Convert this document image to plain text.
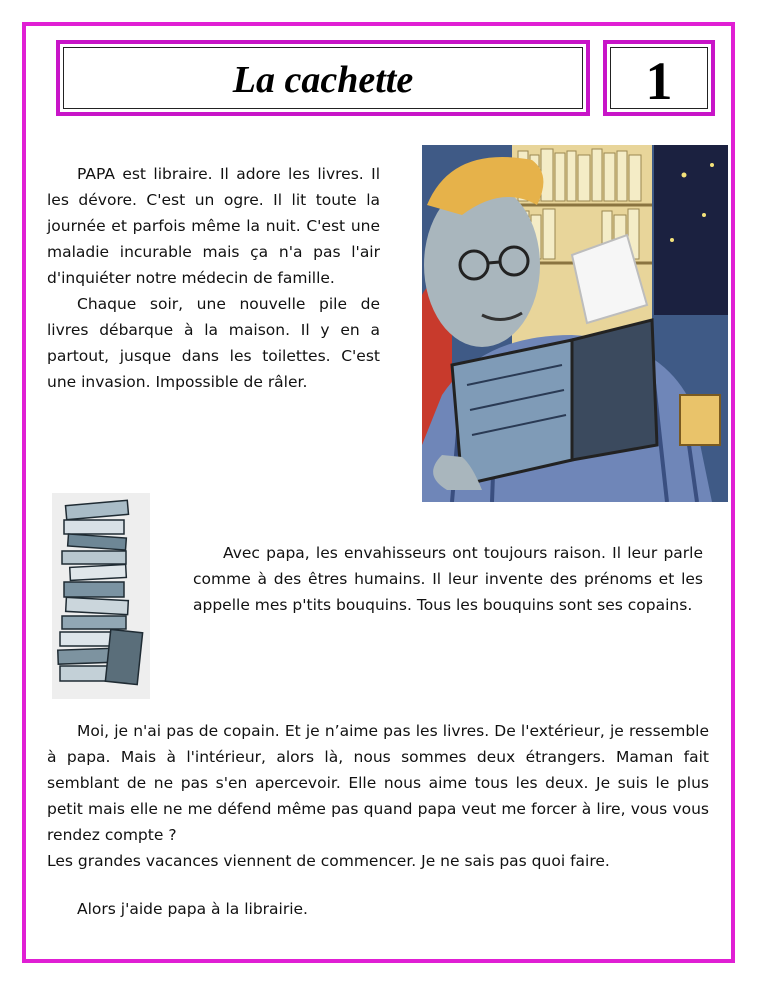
La cachette	1

PAPA est libraire. Il adore les livres. Il les dévore. C'est un ogre. Il lit toute la journée et parfois même la nuit. C'est une maladie incurable mais ça n'a pas l'air d'inquiéter notre médecin de famille.

Chaque soir, une nouvelle pile de livres débarque à la maison. Il y en a partout, jusque dans les toilettes. C'est une invasion. Impossible de râler.

Avec papa, les envahisseurs ont toujours raison. Il leur parle comme à des êtres humains. Il leur invente des prénoms et les appelle mes p'tits bouquins. Tous les bouquins sont ses copains.

Moi, je n'ai pas de copain. Et je n’aime pas les livres. De l'extérieur, je ressemble à papa. Mais à l'intérieur, alors là, nous sommes deux étrangers. Maman fait semblant de ne pas s'en apercevoir. Elle nous aime tous les deux. Je suis le plus petit mais elle ne me défend même pas quand papa veut me forcer à lire, vous vous rendez compte ?

Les grandes vacances viennent de commencer. Je ne sais pas quoi faire.

Alors j'aide papa à la librairie.
